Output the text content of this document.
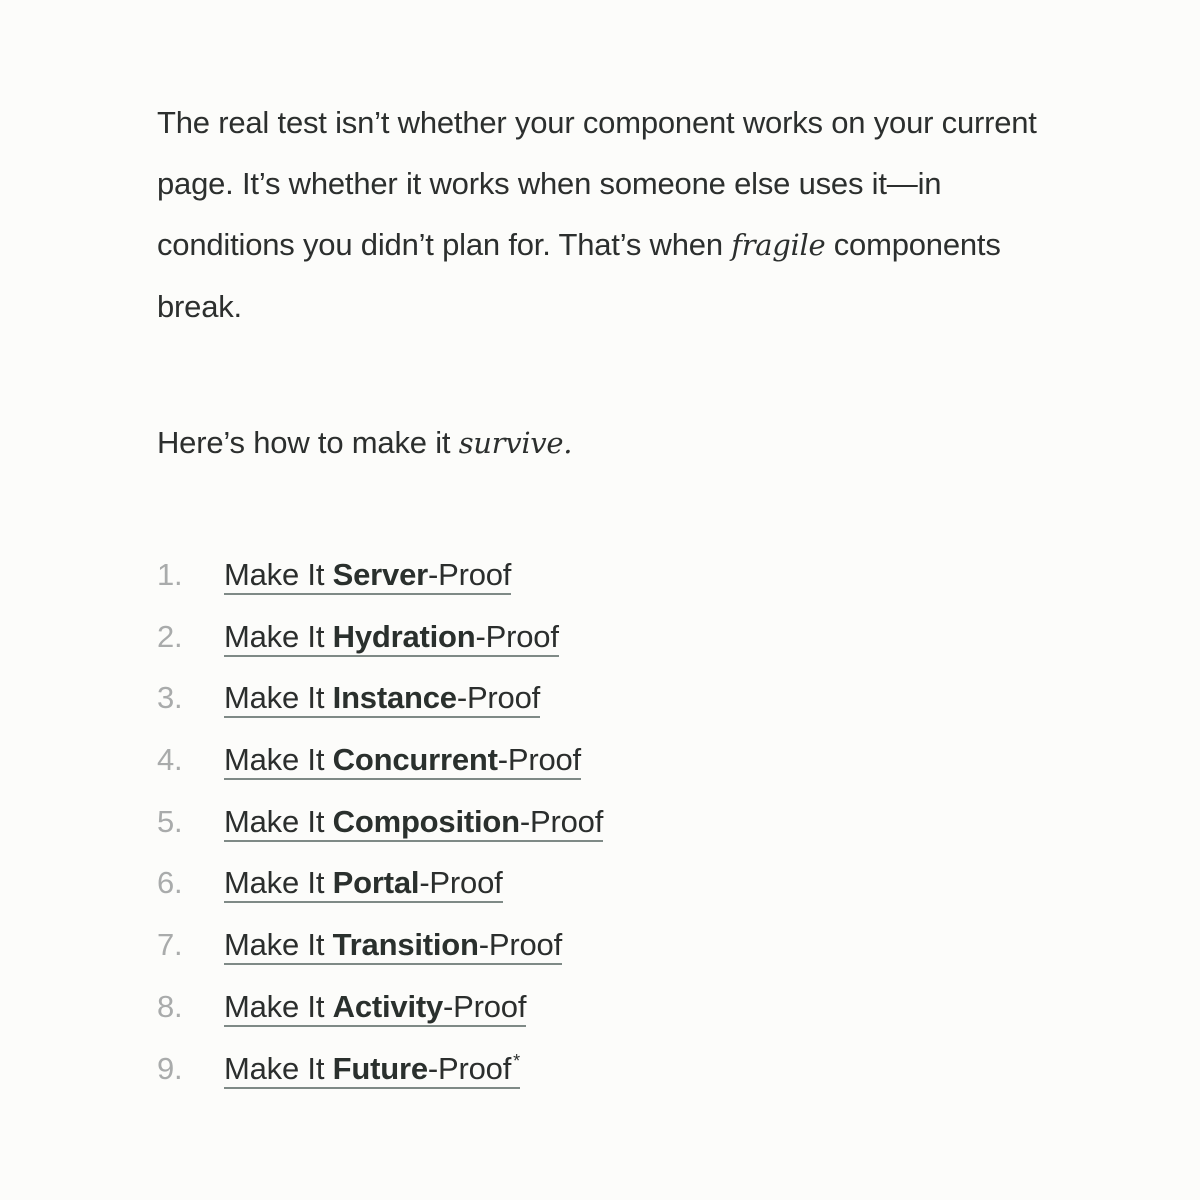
The real test isn’t whether your component works on your current page. It’s whether it works when someone else uses it—in conditions you didn’t plan for. That’s when fragile components break.

Here’s how to make it survive.

1.	Make It Server-Proof
2.	Make It Hydration-Proof
3.	Make It Instance-Proof
4.	Make It Concurrent-Proof
5.	Make It Composition-Proof
6.	Make It Portal-Proof
7.	Make It Transition-Proof
8.	Make It Activity-Proof
9.	Make It Future-Proof *
